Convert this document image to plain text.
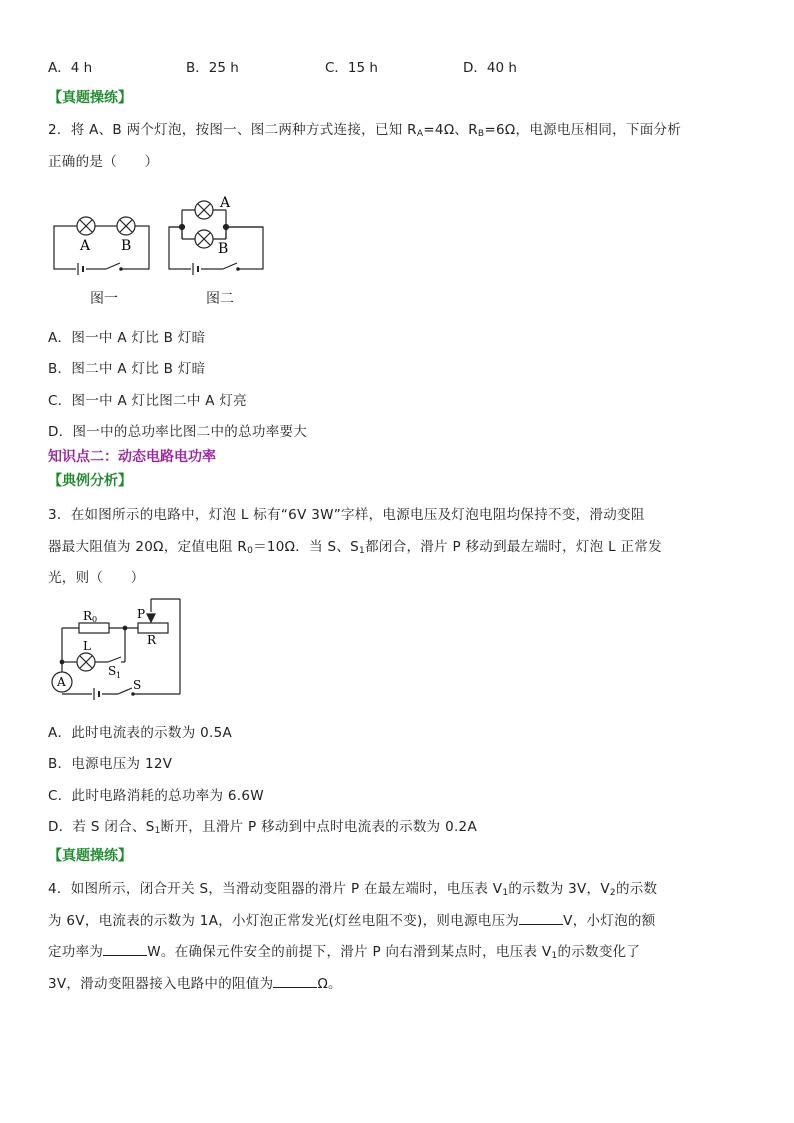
A．4 h	B．25 h	C．15 h	D．40 h
【真题操练】
2．将 A、B 两个灯泡，按图一、图二两种方式连接，已知 $R_A=4\Omega$、$R_B=6\Omega$，电源电压相同，下面分析
正确的是（　　）
A B
A
B
图一	图二
A．图一中 A 灯比 B 灯暗
B．图二中 A 灯比 B 灯暗
C．图一中 A 灯比图二中 A 灯亮
D．图一中的总功率比图二中的总功率要大
知识点二：动态电路电功率
【典例分析】
3．在如图所示的电路中，灯泡 L 标有“6V 3W”字样，电源电压及灯泡电阻均保持不变，滑动变阻
器最大阻值为 20Ω，定值电阻 $R_0=10\Omega$．当 S、$S_1$都闭合，滑片 P 移动到最左端时，灯泡 L 正常发
光，则（　　）
R 0	P
R
L
S 1
A	S
A．此时电流表的示数为 0.5A
B．电源电压为 12V
C．此时电路消耗的总功率为 6.6W
D．若 S 闭合、$S_1$断开，且滑片 P 移动到中点时电流表的示数为 0.2A
【真题操练】
4．如图所示，闭合开关 S，当滑动变阻器的滑片 P 在最左端时，电压表 $V_1$的示数为 3V，$V_2$的示数
为 6V，电流表的示数为 1A，小灯泡正常发光(灯丝电阻不变)，则电源电压为	V，小灯泡的额
定功率为	W。在确保元件安全的前提下，滑片 P 向右滑到某点时，电压表 $V_1$的示数变化了
3V，滑动变阻器接入电路中的阻值为	Ω。
